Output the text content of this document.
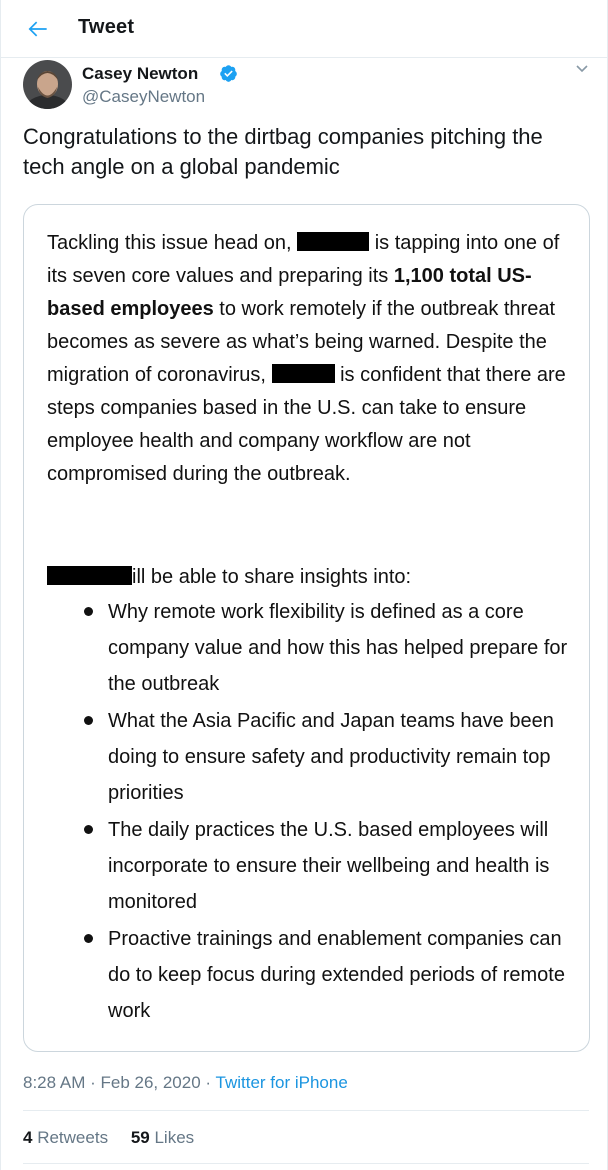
Tweet
Casey Newton
@CaseyNewton
Congratulations to the dirtbag companies pitching the tech angle on a global pandemic

Tackling this issue head on,	is tapping into one of its seven core values and preparing its 1,100 total US-based employees to work remotely if the outbreak threat becomes as severe as what’s being warned. Despite the migration of coronavirus,	is confident that there are steps companies based in the U.S. can take to ensure employee health and company workflow are not compromised during the outbreak.

ill be able to share insights into:

Why remote work flexibility is defined as a core company value and how this has helped prepare for the outbreak
What the Asia Pacific and Japan teams have been doing to ensure safety and productivity remain top priorities
The daily practices the U.S. based employees will incorporate to ensure their wellbeing and health is monitored
Proactive trainings and enablement companies can do to keep focus during extended periods of remote work
8:28 AM · Feb 26, 2020 · Twitter for iPhone
4 Retweets 59 Likes
